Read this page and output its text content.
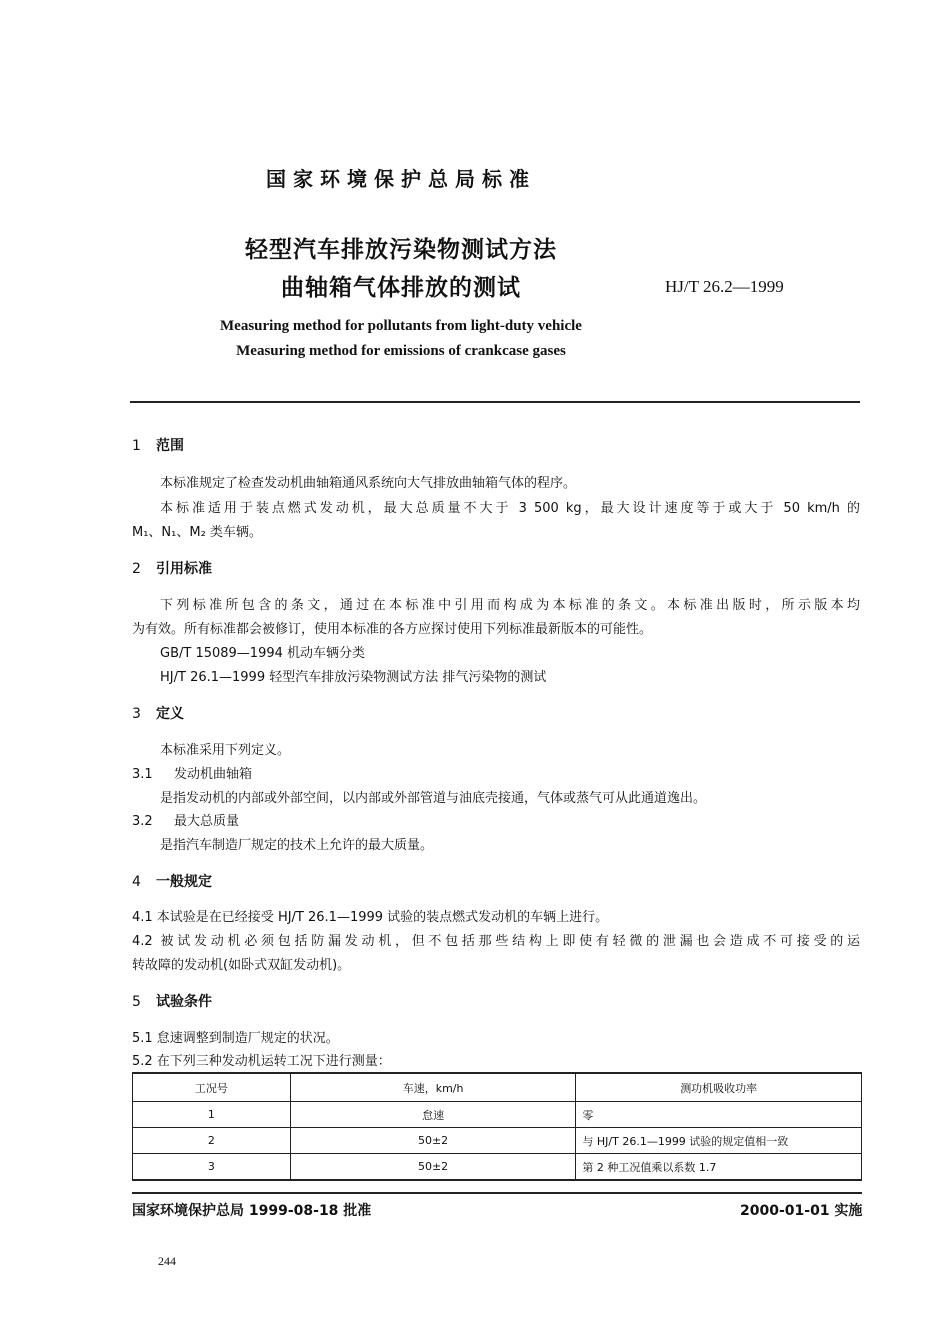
国家环境保护总局标准
轻型汽车排放污染物测试方法
曲轴箱气体排放的测试	HJ/T 26.2—1999
Measuring method for pollutants from light-duty vehicle
Measuring method for emissions of crankcase gases
1 范围
本标准规定了检查发动机曲轴箱通风系统向大气排放曲轴箱气体的程序。
本标准适用于装点燃式发动机，最大总质量不大于 3 500 kg，最大设计速度等于或大于 50 km/h 的
M₁、N₁、M₂ 类车辆。
2 引用标准
下列标准所包含的条文，通过在本标准中引用而构成为本标准的条文。本标准出版时，所示版本均
为有效。所有标准都会被修订，使用本标准的各方应探讨使用下列标准最新版本的可能性。
GB/T 15089—1994 机动车辆分类
HJ/T 26.1—1999 轻型汽车排放污染物测试方法 排气污染物的测试
3 定义
本标准采用下列定义。
3.1 发动机曲轴箱
是指发动机的内部或外部空间，以内部或外部管道与油底壳接通，气体或蒸气可从此通道逸出。
3.2 最大总质量
是指汽车制造厂规定的技术上允许的最大质量。
4 一般规定
4.1 本试验是在已经接受 HJ/T 26.1—1999 试验的装点燃式发动机的车辆上进行。
4.2 被试发动机必须包括防漏发动机，但不包括那些结构上即使有轻微的泄漏也会造成不可接受的运
转故障的发动机(如卧式双缸发动机)。
5 试验条件
5.1 怠速调整到制造厂规定的状况。
5.2 在下列三种发动机运转工况下进行测量：
工况号	车速，km/h	测功机吸收功率
1	怠速	零
2	50±2	与 HJ/T 26.1—1999 试验的规定值相一致
3	50±2	第 2 种工况值乘以系数 1.7
国家环境保护总局 1999-08-18 批准	2000-01-01 实施
244
